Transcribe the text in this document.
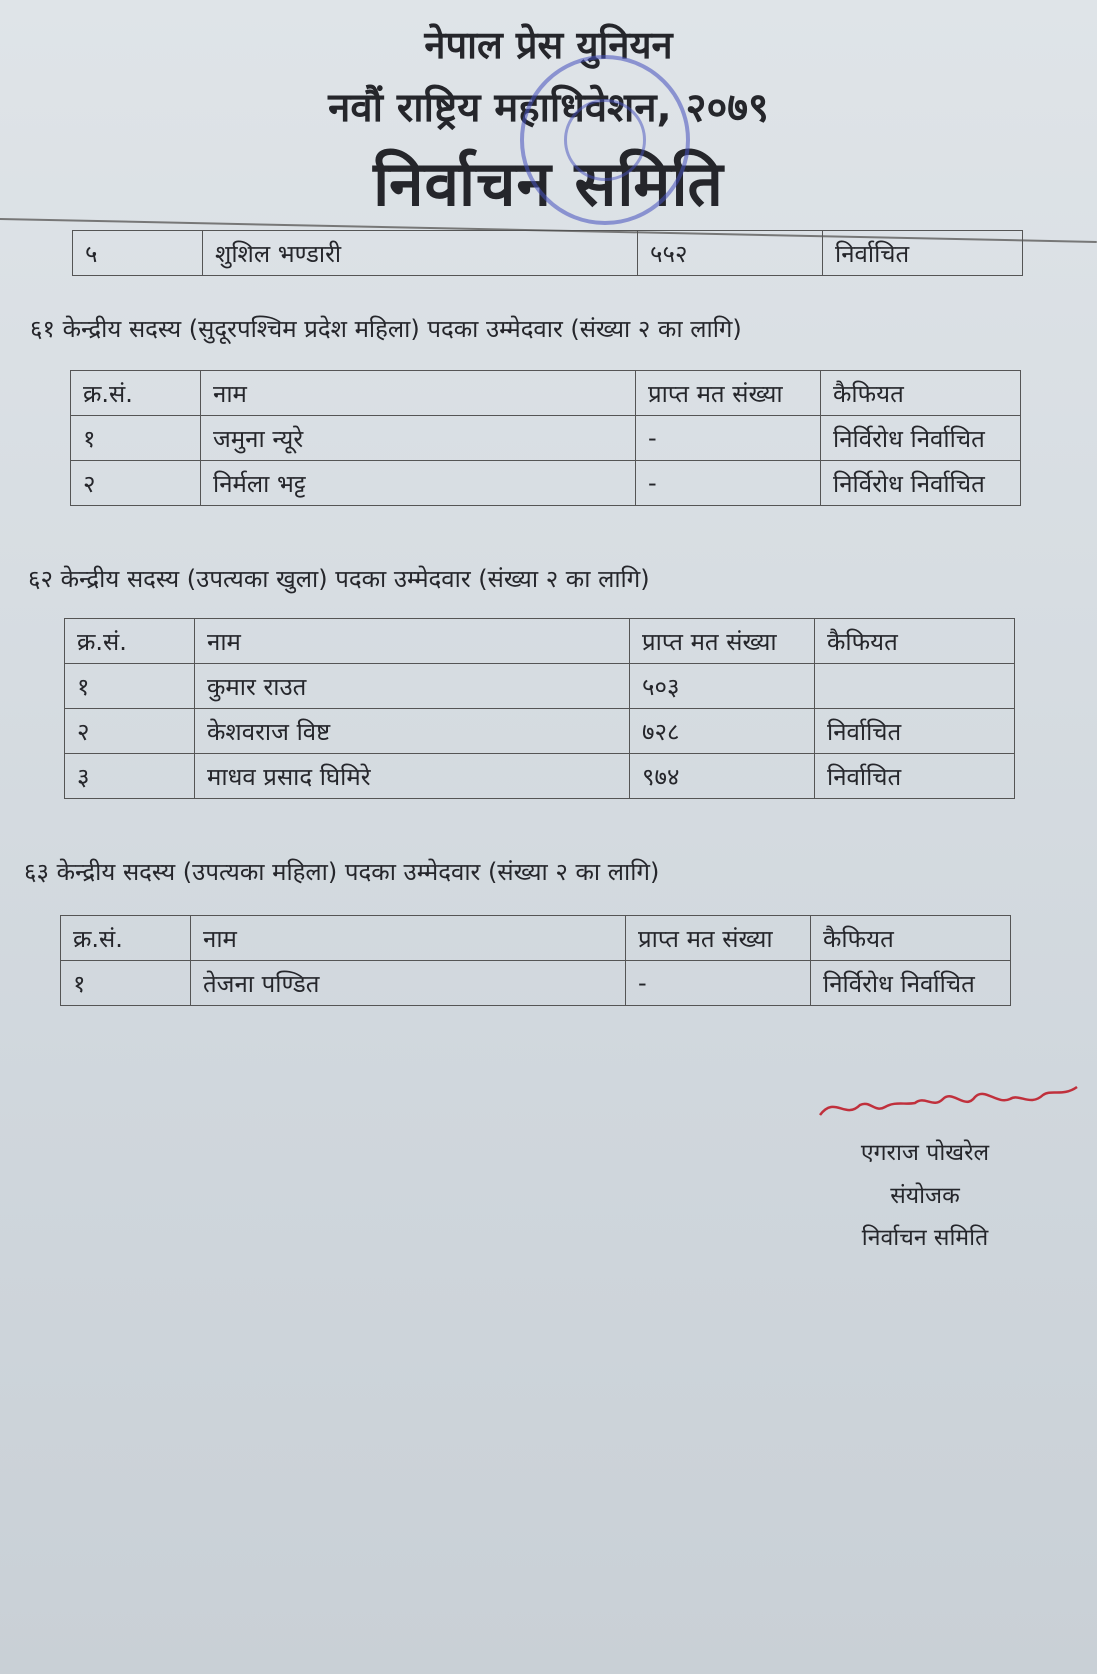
नेपाल प्रेस युनियन
नवौं राष्ट्रिय महाधिवेशन, २०७९
निर्वाचन समिति
५	शुशिल भण्डारी	५५२	निर्वाचित
६१ केन्द्रीय सदस्य (सुदूरपश्चिम प्रदेश महिला) पदका उम्मेदवार (संख्या २ का लागि)
क्र.सं.	नाम	प्राप्त मत संख्या	कैफियत
१	जमुना न्यूरे	-	निर्विरोध निर्वाचित
२	निर्मला भट्ट	-	निर्विरोध निर्वाचित
६२ केन्द्रीय सदस्य (उपत्यका खुला) पदका उम्मेदवार (संख्या २ का लागि)
क्र.सं.	नाम	प्राप्त मत संख्या	कैफियत
१	कुमार राउत	५०३	
२	केशवराज विष्ट	७२८	निर्वाचित
३	माधव प्रसाद घिमिरे	९७४	निर्वाचित
६३ केन्द्रीय सदस्य (उपत्यका महिला) पदका उम्मेदवार (संख्या २ का लागि)
क्र.सं.	नाम	प्राप्त मत संख्या	कैफियत
१	तेजना पण्डित	-	निर्विरोध निर्वाचित
एगराज पोखरेल
संयोजक
निर्वाचन समिति
